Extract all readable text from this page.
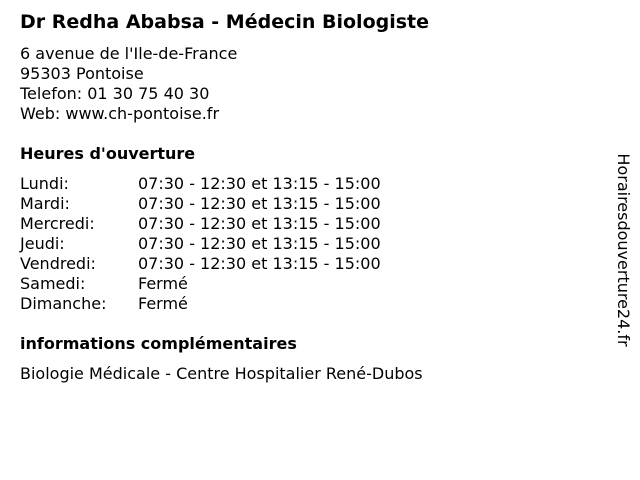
Dr Redha Ababsa - Médecin Biologiste
6 avenue de l'Ile-de-France
95303 Pontoise
Telefon: 01 30 75 40 30
Web: www.ch-pontoise.fr
Heures d'ouverture
Lundi:	07:30 - 12:30 et 13:15 - 15:00
Mardi:	07:30 - 12:30 et 13:15 - 15:00
Mercredi:	07:30 - 12:30 et 13:15 - 15:00
Jeudi:	07:30 - 12:30 et 13:15 - 15:00
Vendredi:	07:30 - 12:30 et 13:15 - 15:00
Samedi:	Fermé
Dimanche:	Fermé
informations complémentaires
Biologie Médicale - Centre Hospitalier René-Dubos
Horairesdouverture24.fr
